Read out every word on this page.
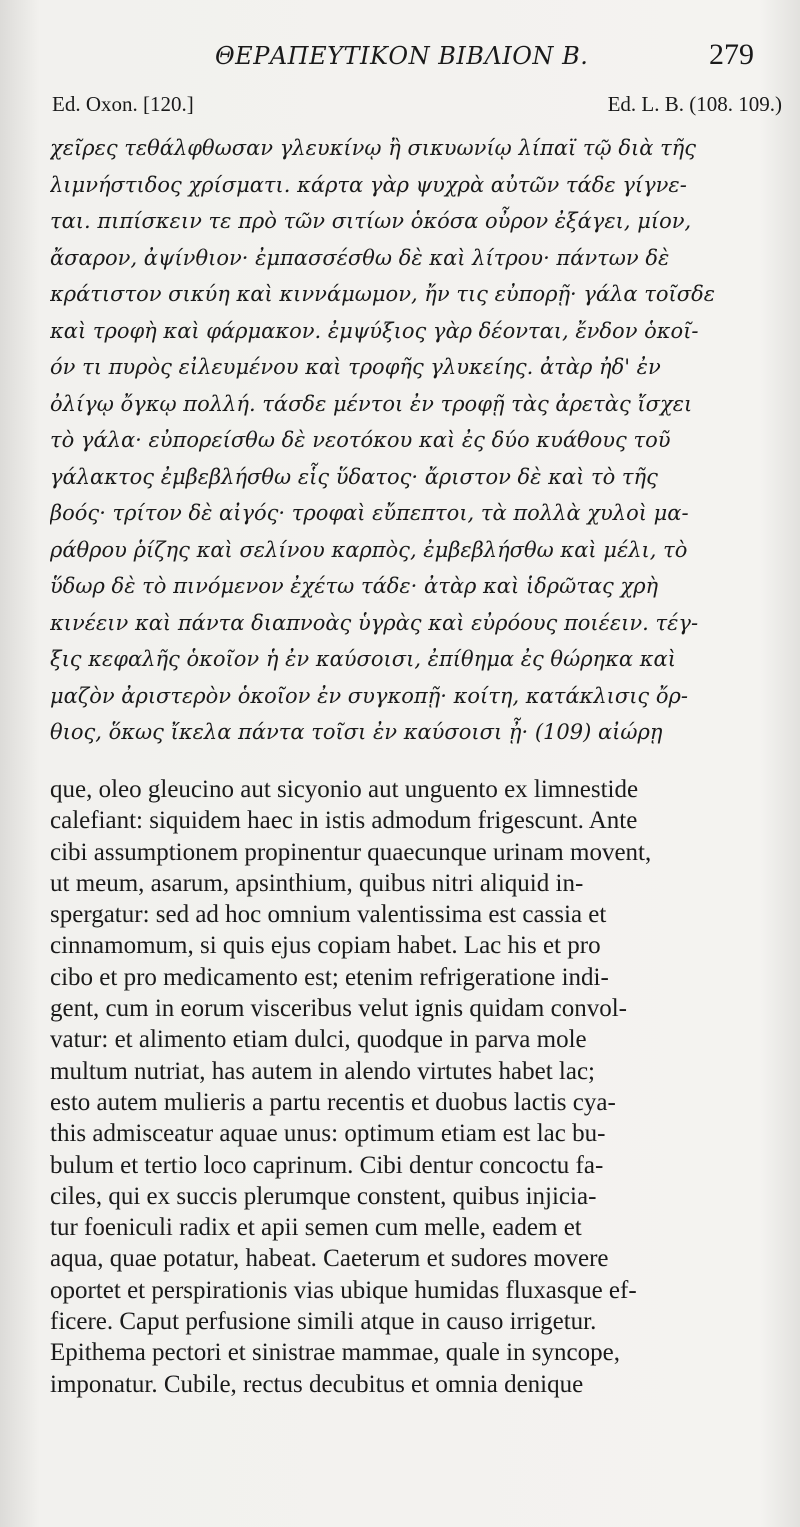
ΘΕΡΑΠΕΥΤΙΚΟΝ ΒΙΒΛΙΟΝ Β.	279
Ed. Oxon. [120.]	Ed. L. B. (108. 109.)
χεῖρες τεθάλφθωσαν γλευκίνῳ ἢ σικυωνίῳ λίπαϊ τῷ διὰ τῆς
λιμνήστιδος χρίσματι. κάρτα γὰρ ψυχρὰ αὐτῶν τάδε γίγνε-
ται. πιπίσκειν τε πρὸ τῶν σιτίων ὁκόσα οὖρον ἐξάγει, μίον,
ἄσαρον, ἀψίνθιον· ἐμπασσέσθω δὲ καὶ λίτρου· πάντων δὲ
κράτιστον σικύη καὶ κιννάμωμον, ἤν τις εὐπορῇ· γάλα τοῖσδε
καὶ τροφὴ καὶ φάρμακον. ἐμψύξιος γὰρ δέονται, ἔνδον ὁκοῖ-
όν τι πυρὸς εἰλευμένου καὶ τροφῆς γλυκείης. ἀτὰρ ἠδ' ἐν
ὀλίγῳ ὄγκῳ πολλή. τάσδε μέντοι ἐν τροφῇ τὰς ἀρετὰς ἴσχει
τὸ γάλα· εὐπορείσθω δὲ νεοτόκου καὶ ἐς δύο κυάθους τοῦ
γάλακτος ἐμβεβλήσθω εἷς ὕδατος· ἄριστον δὲ καὶ τὸ τῆς
βοός· τρίτον δὲ αἰγός· τροφαὶ εὔπεπτοι, τὰ πολλὰ χυλοὶ μα-
ράθρου ῥίζης καὶ σελίνου καρπὸς, ἐμβεβλήσθω καὶ μέλι, τὸ
ὕδωρ δὲ τὸ πινόμενον ἐχέτω τάδε· ἀτὰρ καὶ ἱδρῶτας χρὴ
κινέειν καὶ πάντα διαπνοὰς ὑγρὰς καὶ εὐρόους ποιέειν. τέγ-
ξις κεφαλῆς ὁκοῖον ἡ ἐν καύσοισι, ἐπίθημα ἐς θώρηκα καὶ
μαζὸν ἀριστερὸν ὁκοῖον ἐν συγκοπῇ· κοίτη, κατάκλισις ὄρ-
θιος, ὅκως ἴκελα πάντα τοῖσι ἐν καύσοισι ᾖ· (109) αἰώρῃ
que, oleo gleucino aut sicyonio aut unguento ex limnestide
calefiant: siquidem haec in istis admodum frigescunt. Ante
cibi assumptionem propinentur quaecunque urinam movent,
ut meum, asarum, apsinthium, quibus nitri aliquid in-
spergatur: sed ad hoc omnium valentissima est cassia et
cinnamomum, si quis ejus copiam habet. Lac his et pro
cibo et pro medicamento est; etenim refrigeratione indi-
gent, cum in eorum visceribus velut ignis quidam convol-
vatur: et alimento etiam dulci, quodque in parva mole
multum nutriat, has autem in alendo virtutes habet lac;
esto autem mulieris a partu recentis et duobus lactis cya-
this admisceatur aquae unus: optimum etiam est lac bu-
bulum et tertio loco caprinum. Cibi dentur concoctu fa-
ciles, qui ex succis plerumque constent, quibus injicia-
tur foeniculi radix et apii semen cum melle, eadem et
aqua, quae potatur, habeat. Caeterum et sudores movere
oportet et perspirationis vias ubique humidas fluxasque ef-
ficere. Caput perfusione simili atque in causo irrigetur.
Epithema pectori et sinistrae mammae, quale in syncope,
imponatur. Cubile, rectus decubitus et omnia denique
